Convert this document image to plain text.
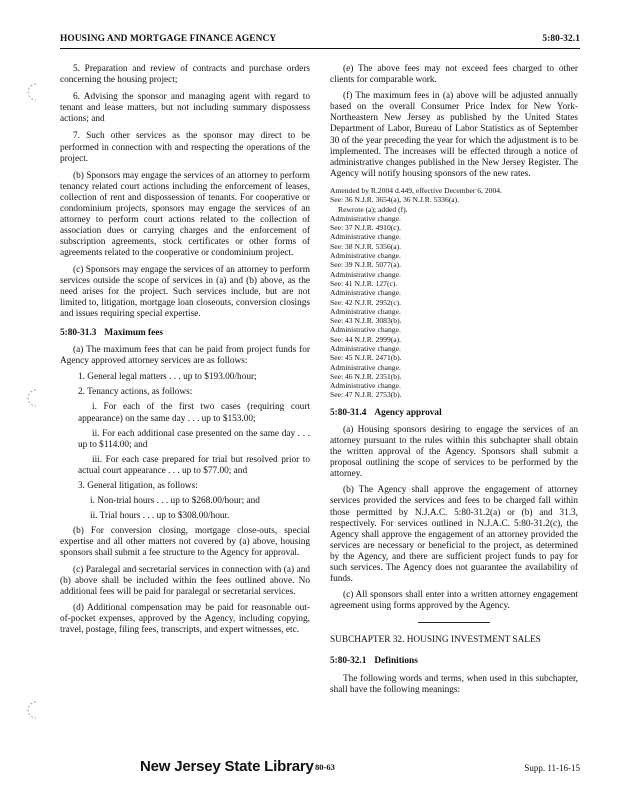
HOUSING AND MORTGAGE FINANCE AGENCY	5:80-32.1

5. Preparation and review of contracts and purchase orders concerning the housing project;

6. Advising the sponsor and managing agent with regard to tenant and lease matters, but not including summary dispossess actions; and

7. Such other services as the sponsor may direct to be performed in connection with and respecting the operations of the project.

(b) Sponsors may engage the services of an attorney to perform tenancy related court actions including the enforcement of leases, collection of rent and dispossession of tenants. For cooperative or condominium projects, sponsors may engage the services of an attorney to perform court actions related to the collection of association dues or carrying charges and the enforcement of subscription agreements, stock certificates or other forms of agreements related to the cooperative or condominium project.

(c) Sponsors may engage the services of an attorney to perform services outside the scope of services in (a) and (b) above, as the need arises for the project. Such services include, but are not limited to, litigation, mortgage loan closeouts, conversion closings and issues requiring special expertise.

5:80-31.3 Maximum fees

(a) The maximum fees that can be paid from project funds for Agency approved attorney services are as follows:

1. General legal matters . . . up to $193.00/hour;

2. Tenancy actions, as follows:

i. For each of the first two cases (requiring court appearance) on the same day . . . up to $153.00;

ii. For each additional case presented on the same day . . . up to $114.00; and

iii. For each case prepared for trial but resolved prior to actual court appearance . . . up to $77.00; and

3. General litigation, as follows:

i. Non-trial hours . . . up to $268.00/hour; and

ii. Trial hours . . . up to $308.00/hour.

(b) For conversion closing, mortgage close-outs, special expertise and all other matters not covered by (a) above, housing sponsors shall submit a fee structure to the Agency for approval.

(c) Paralegal and secretarial services in connection with (a) and (b) above shall be included within the fees outlined above. No additional fees will be paid for paralegal or secretarial services.

(d) Additional compensation may be paid for reasonable out-of-pocket expenses, approved by the Agency, including copying, travel, postage, filing fees, transcripts, and expert witnesses, etc.

(e) The above fees may not exceed fees charged to other clients for comparable work.

(f) The maximum fees in (a) above will be adjusted annually based on the overall Consumer Price Index for New York-Northeastern New Jersey as published by the United States Department of Labor, Bureau of Labor Statistics as of September 30 of the year preceding the year for which the adjustment is to be implemented. The increases will be effected through a notice of administrative changes published in the New Jersey Register. The Agency will notify housing sponsors of the new rates.

Amended by R.2004 d.449, effective December 6, 2004.
See: 36 N.J.R. 3654(a), 36 N.J.R. 5336(a).
Rewrote (a); added (f).
Administrative change.
See: 37 N.J.R. 4910(c).
Administrative change.
See: 38 N.J.R. 5356(a).
Administrative change.
See: 39 N.J.R. 5077(a).
Administrative change.
See: 41 N.J.R. 127(c).
Administrative change.
See: 42 N.J.R. 2952(c).
Administrative change.
See: 43 N.J.R. 3083(b).
Administrative change.
See: 44 N.J.R. 2999(a).
Administrative change.
See: 45 N.J.R. 2471(b).
Administrative change.
See: 46 N.J.R. 2351(b).
Administrative change.
See: 47 N.J.R. 2753(b).
5:80-31.4 Agency approval

(a) Housing sponsors desiring to engage the services of an attorney pursuant to the rules within this subchapter shall obtain the written approval of the Agency. Sponsors shall submit a proposal outlining the scope of services to be performed by the attorney.

(b) The Agency shall approve the engagement of attorney services provided the services and fees to be charged fall within those permitted by N.J.A.C. 5:80-31.2(a) or (b) and 31.3, respectively. For services outlined in N.J.A.C. 5:80-31.2(c), the Agency shall approve the engagement of an attorney provided the services are necessary or beneficial to the project, as determined by the Agency, and there are sufficient project funds to pay for such services. The Agency does not guarantee the availability of funds.

(c) All sponsors shall enter into a written attorney engagement agreement using forms approved by the Agency.

SUBCHAPTER 32. HOUSING INVESTMENT SALES

5:80-32.1 Definitions

The following words and terms, when used in this subchapter, shall have the following meanings:

New Jersey State Library 80-63	Supp. 11-16-15
